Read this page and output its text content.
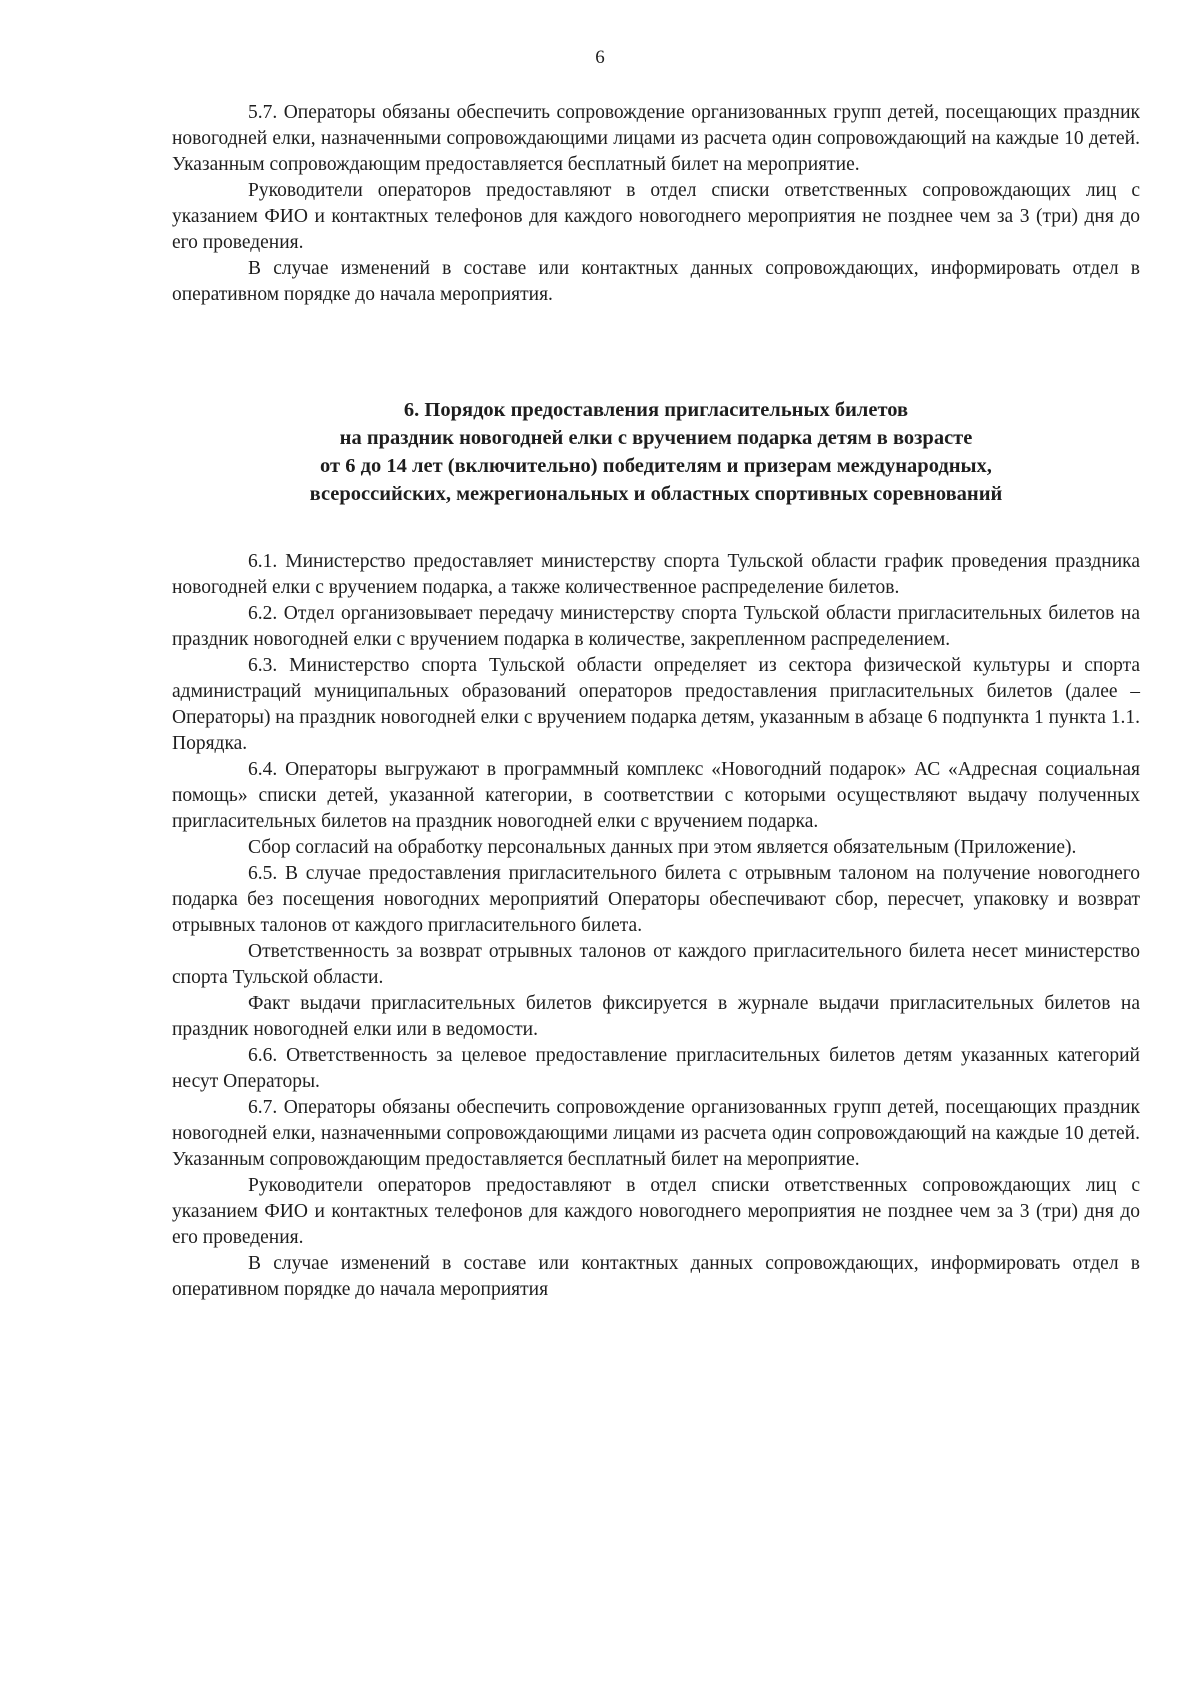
6

5.7. Операторы обязаны обеспечить сопровождение организованных групп детей, посещающих праздник новогодней елки, назначенными сопровождающими лицами из расчета один сопровождающий на каждые 10 детей. Указанным сопровождающим предоставляется бесплатный билет на мероприятие.

Руководители операторов предоставляют в отдел списки ответственных сопровождающих лиц с указанием ФИО и контактных телефонов для каждого новогоднего мероприятия не позднее чем за 3 (три) дня до его проведения.

В случае изменений в составе или контактных данных сопровождающих, информировать отдел в оперативном порядке до начала мероприятия.

6. Порядок предоставления пригласительных билетов
на праздник новогодней елки с вручением подарка детям в возрасте
от 6 до 14 лет (включительно) победителям и призерам международных,
всероссийских, межрегиональных и областных спортивных соревнований

6.1. Министерство предоставляет министерству спорта Тульской области график проведения праздника новогодней елки с вручением подарка, а также количественное распределение билетов.

6.2. Отдел организовывает передачу министерству спорта Тульской области пригласительных билетов на праздник новогодней елки с вручением подарка в количестве, закрепленном распределением.

6.3. Министерство спорта Тульской области определяет из сектора физической культуры и спорта администраций муниципальных образований операторов предоставления пригласительных билетов (далее – Операторы) на праздник новогодней елки с вручением подарка детям, указанным в абзаце 6 подпункта 1 пункта 1.1. Порядка.

6.4. Операторы выгружают в программный комплекс «Новогодний подарок» АС «Адресная социальная помощь» списки детей, указанной категории, в соответствии с которыми осуществляют выдачу полученных пригласительных билетов на праздник новогодней елки с вручением подарка.

Сбор согласий на обработку персональных данных при этом является обязательным (Приложение).

6.5. В случае предоставления пригласительного билета с отрывным талоном на получение новогоднего подарка без посещения новогодних мероприятий Операторы обеспечивают сбор, пересчет, упаковку и возврат отрывных талонов от каждого пригласительного билета.

Ответственность за возврат отрывных талонов от каждого пригласительного билета несет министерство спорта Тульской области.

Факт выдачи пригласительных билетов фиксируется в журнале выдачи пригласительных билетов на праздник новогодней елки или в ведомости.

6.6. Ответственность за целевое предоставление пригласительных билетов детям указанных категорий несут Операторы.

6.7. Операторы обязаны обеспечить сопровождение организованных групп детей, посещающих праздник новогодней елки, назначенными сопровождающими лицами из расчета один сопровождающий на каждые 10 детей. Указанным сопровождающим предоставляется бесплатный билет на мероприятие.

Руководители операторов предоставляют в отдел списки ответственных сопровождающих лиц с указанием ФИО и контактных телефонов для каждого новогоднего мероприятия не позднее чем за 3 (три) дня до его проведения.

В случае изменений в составе или контактных данных сопровождающих, информировать отдел в оперативном порядке до начала мероприятия
